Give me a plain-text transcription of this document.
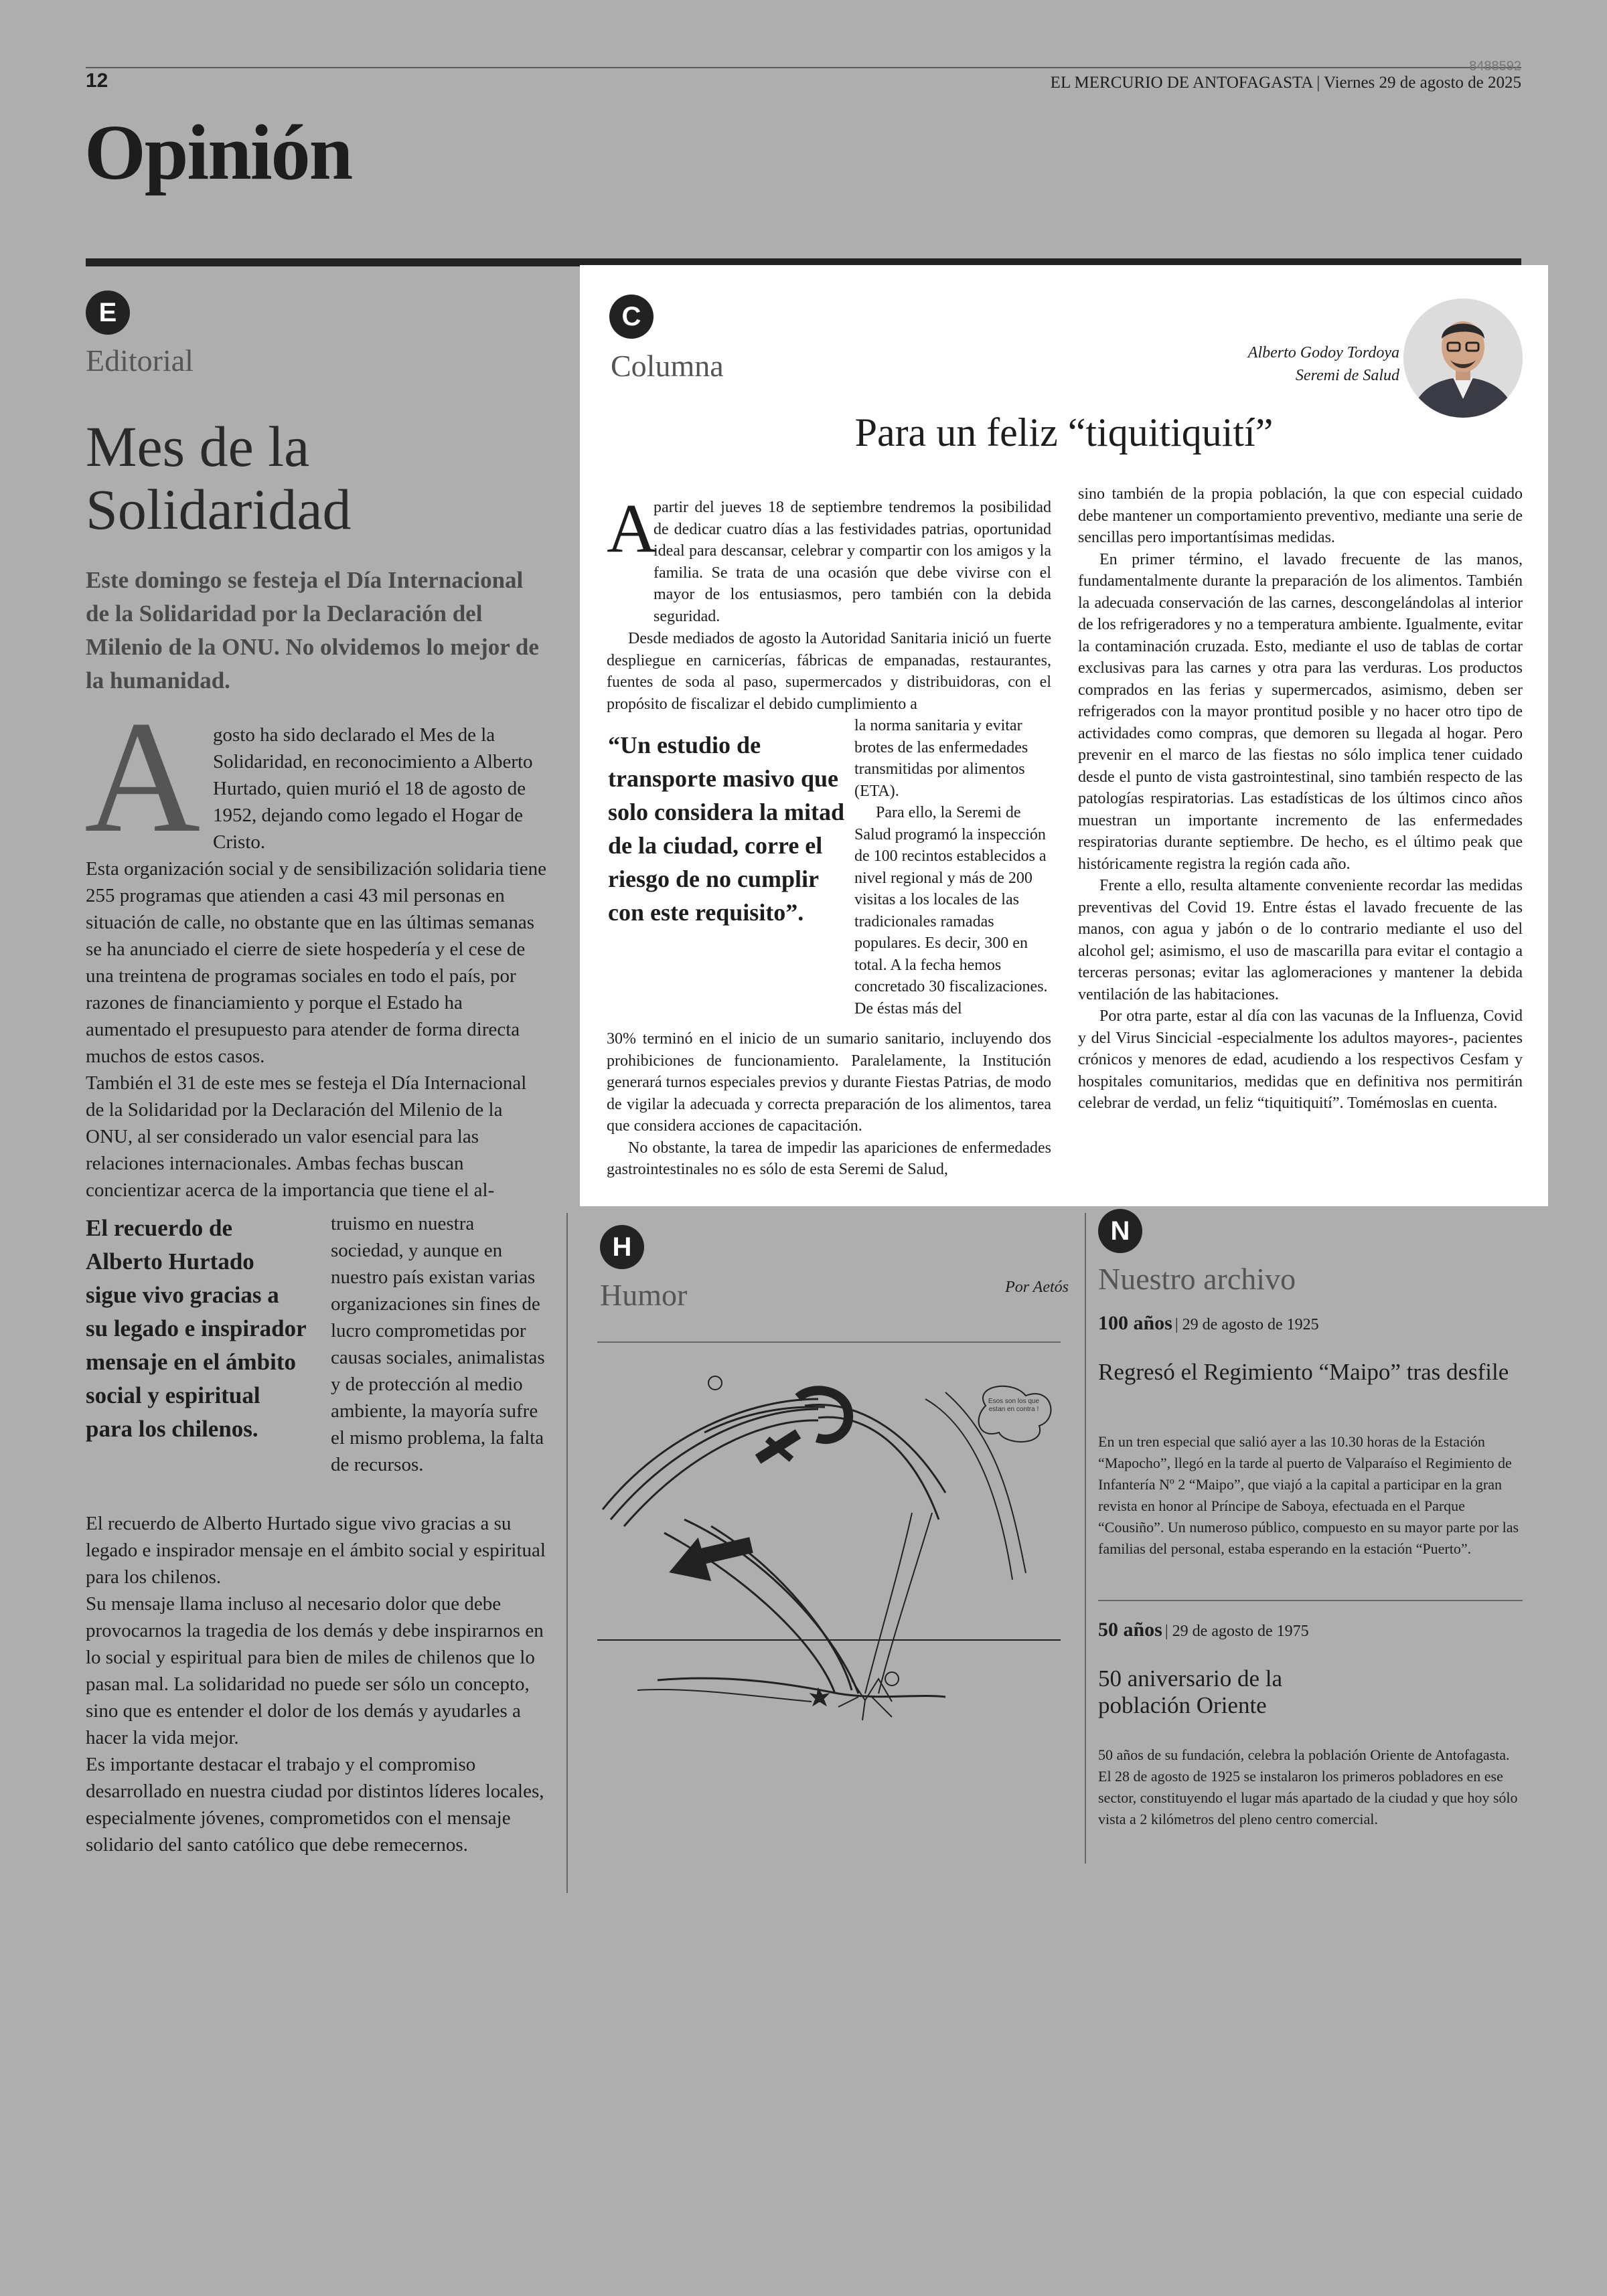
12
8488592
EL MERCURIO DE ANTOFAGASTA | Viernes 29 de agosto de 2025
Opinión
E
Editorial
Mes de la Solidaridad
Este domingo se festeja el Día Internacional de la Solidaridad por la Declaración del Milenio de la ONU. No olvidemos lo mejor de la humanidad.
A gosto ha sido declarado el Mes de la Solidaridad, en reconocimiento a Alberto Hurtado, quien murió el 18 de agosto de 1952, dejando como legado el Hogar de Cristo.
Esta organización social y de sensibilización solidaria tiene 255 programas que atienden a casi 43 mil personas en situación de calle, no obstante que en las últimas semanas se ha anunciado el cierre de siete hospedería y el cese de una treintena de programas sociales en todo el país, por razones de financiamiento y porque el Estado ha aumentado el presupuesto para atender de forma directa muchos de estos casos.
También el 31 de este mes se festeja el Día Internacional de la Solidaridad por la Declaración del Milenio de la ONU, al ser considerado un valor esencial para las relaciones internacionales. Ambas fechas buscan concientizar acerca de la importancia que tiene el al-
El recuerdo de Alberto Hurtado sigue vivo gracias a su legado e inspirador mensaje en el ámbito social y espiritual para los chilenos.
truismo en nuestra sociedad, y aunque en nuestro país existan varias organizaciones sin fines de lucro comprometidas por causas sociales, animalistas y de protección al medio ambiente, la mayoría sufre el mismo problema, la falta de recursos.
El recuerdo de Alberto Hurtado sigue vivo gracias a su legado e inspirador mensaje en el ámbito social y espiritual para los chilenos.
Su mensaje llama incluso al necesario dolor que debe provocarnos la tragedia de los demás y debe inspirarnos en lo social y espiritual para bien de miles de chilenos que lo pasan mal. La solidaridad no puede ser sólo un concepto, sino que es entender el dolor de los demás y ayudarles a hacer la vida mejor.
Es importante destacar el trabajo y el compromiso desarrollado en nuestra ciudad por distintos líderes locales, especialmente jóvenes, comprometidos con el mensaje solidario del santo católico que debe remecernos.
C
Columna	Alberto Godoy Tordoya
Seremi de Salud
Para un feliz “tiquitiquití”
A

partir del jueves 18 de septiembre tendremos la posibilidad de dedicar cuatro días a las festividades patrias, oportunidad ideal para descansar, celebrar y compartir con los amigos y la familia. Se trata de una ocasión que debe vivirse con el mayor de los entusiasmos, pero también con la debida seguridad.

Desde mediados de agosto la Autoridad Sanitaria inició un fuerte despliegue en carnicerías, fábricas de empanadas, restaurantes, fuentes de soda al paso, supermercados y distribuidoras, con el propósito de fiscalizar el debido cumplimiento a

“Un estudio de transporte masivo que solo considera la mitad de la ciudad, corre el riesgo de no cumplir con este requisito”.

la norma sanitaria y evitar brotes de las enfermedades transmitidas por alimentos (ETA).

Para ello, la Seremi de Salud programó la inspección de 100 recintos establecidos a nivel regional y más de 200 visitas a los locales de las tradicionales ramadas populares. Es decir, 300 en total. A la fecha hemos concretado 30 fiscalizaciones. De éstas más del

30% terminó en el inicio de un sumario sanitario, incluyendo dos prohibiciones de funcionamiento. Paralelamente, la Institución generará turnos especiales previos y durante Fiestas Patrias, de modo de vigilar la adecuada y correcta preparación de los alimentos, tarea que considera acciones de capacitación.

No obstante, la tarea de impedir las apariciones de enfermedades gastrointestinales no es sólo de esta Seremi de Salud,

sino también de la propia población, la que con especial cuidado debe mantener un comportamiento preventivo, mediante una serie de sencillas pero importantísimas medidas.

En primer término, el lavado frecuente de las manos, fundamentalmente durante la preparación de los alimentos. También la adecuada conservación de las carnes, descongelándolas al interior de los refrigeradores y no a temperatura ambiente. Igualmente, evitar la contaminación cruzada. Esto, mediante el uso de tablas de cortar exclusivas para las carnes y otra para las verduras. Los productos comprados en las ferias y supermercados, asimismo, deben ser refrigerados con la mayor prontitud posible y no hacer otro tipo de actividades como compras, que demoren su llegada al hogar. Pero prevenir en el marco de las fiestas no sólo implica tener cuidado desde el punto de vista gastrointestinal, sino también respecto de las patologías respiratorias. Las estadísticas de los últimos cinco años muestran un importante incremento de las enfermedades respiratorias durante septiembre. De hecho, es el último peak que históricamente registra la región cada año.

Frente a ello, resulta altamente conveniente recordar las medidas preventivas del Covid 19. Entre éstas el lavado frecuente de las manos, con agua y jabón o de lo contrario mediante el uso del alcohol gel; asimismo, el uso de mascarilla para evitar el contagio a terceras personas; evitar las aglomeraciones y mantener la debida ventilación de las habitaciones.

Por otra parte, estar al día con las vacunas de la Influenza, Covid y del Virus Sincicial -especialmente los adultos mayores-, pacientes crónicos y menores de edad, acudiendo a los respectivos Cesfam y hospitales comunitarios, medidas que en definitiva nos permitirán celebrar de verdad, un feliz “tiquitiquití”. Tomémoslas en cuenta.

H
Humor	Por Aetós
Esos son los que estan en contra !
N
Nuestro archivo
100 años | 29 de agosto de 1925
Regresó el Regimiento “Maipo” tras desfile
En un tren especial que salió ayer a las 10.30 horas de la Estación “Mapocho”, llegó en la tarde al puerto de Valparaíso el Regimiento de Infantería Nº 2 “Maipo”, que viajó a la capital a participar en la gran revista en honor al Príncipe de Saboya, efectuada en el Parque “Cousiño”. Un numeroso público, compuesto en su mayor parte por las familias del personal, estaba esperando en la estación “Puerto”.
50 años | 29 de agosto de 1975
50 aniversario de la población Oriente
50 años de su fundación, celebra la población Oriente de Antofagasta. El 28 de agosto de 1925 se instalaron los primeros pobladores en ese sector, constituyendo el lugar más apartado de la ciudad y que hoy sólo vista a 2 kilómetros del pleno centro comercial.
